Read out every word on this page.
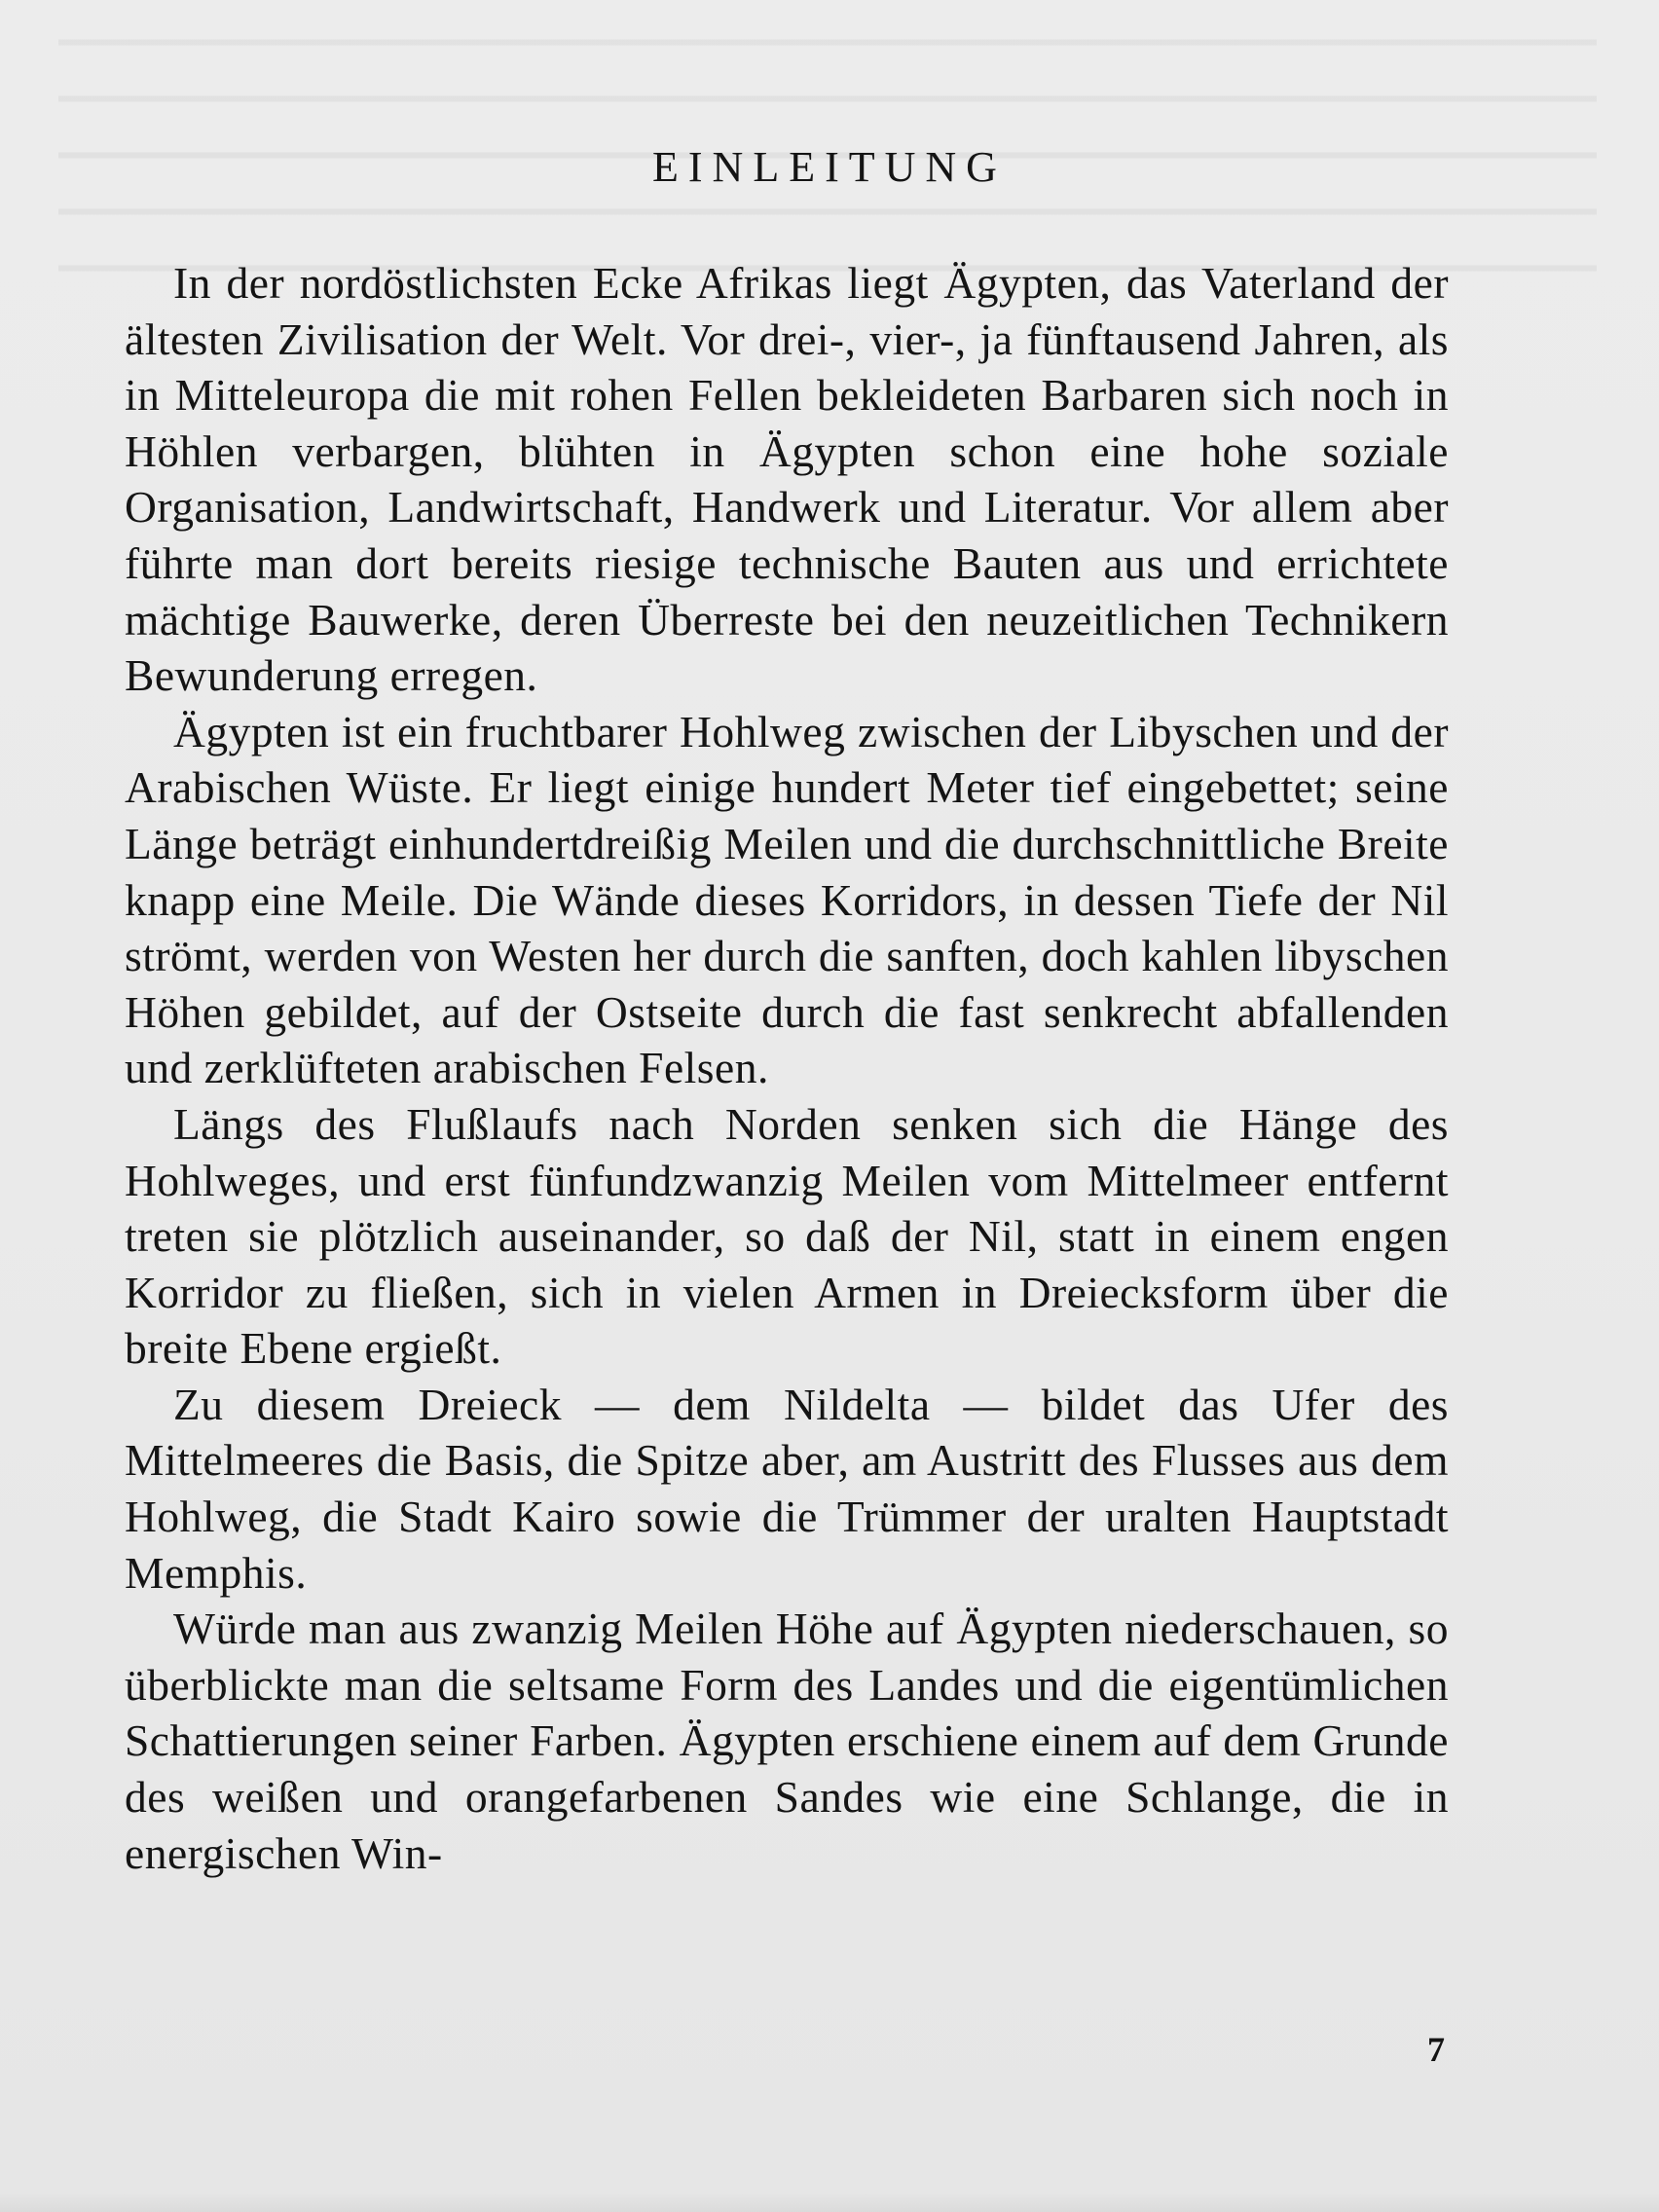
EINLEITUNG

In der nordöstlichsten Ecke Afrikas liegt Ägypten, das Vaterland der ältesten Zivilisation der Welt. Vor drei-, vier-, ja fünftausend Jahren, als in Mitteleuropa die mit rohen Fellen bekleideten Barbaren sich noch in Höhlen verbargen, blühten in Ägypten schon eine hohe soziale Organisation, Landwirtschaft, Handwerk und Literatur. Vor allem aber führte man dort bereits riesige technische Bauten aus und errichtete mächtige Bauwerke, deren Überreste bei den neuzeitlichen Technikern Bewunderung erregen.

Ägypten ist ein fruchtbarer Hohlweg zwischen der Libyschen und der Arabischen Wüste. Er liegt einige hundert Meter tief eingebettet; seine Länge beträgt einhundertdreißig Meilen und die durchschnittliche Breite knapp eine Meile. Die Wände dieses Korridors, in dessen Tiefe der Nil strömt, werden von Westen her durch die sanften, doch kahlen libyschen Höhen gebildet, auf der Ostseite durch die fast senkrecht abfallenden und zerklüfteten arabischen Felsen.

Längs des Flußlaufs nach Norden senken sich die Hänge des Hohlweges, und erst fünfundzwanzig Meilen vom Mittelmeer entfernt treten sie plötzlich auseinander, so daß der Nil, statt in einem engen Korridor zu fließen, sich in vielen Armen in Dreiecksform über die breite Ebene ergießt.

Zu diesem Dreieck — dem Nildelta — bildet das Ufer des Mittelmeeres die Basis, die Spitze aber, am Austritt des Flusses aus dem Hohlweg, die Stadt Kairo sowie die Trümmer der uralten Hauptstadt Memphis.

Würde man aus zwanzig Meilen Höhe auf Ägypten niederschauen, so überblickte man die seltsame Form des Landes und die eigentümlichen Schattierungen seiner Farben. Ägypten erschiene einem auf dem Grunde des weißen und orangefarbenen Sandes wie eine Schlange, die in energischen Win-

7
